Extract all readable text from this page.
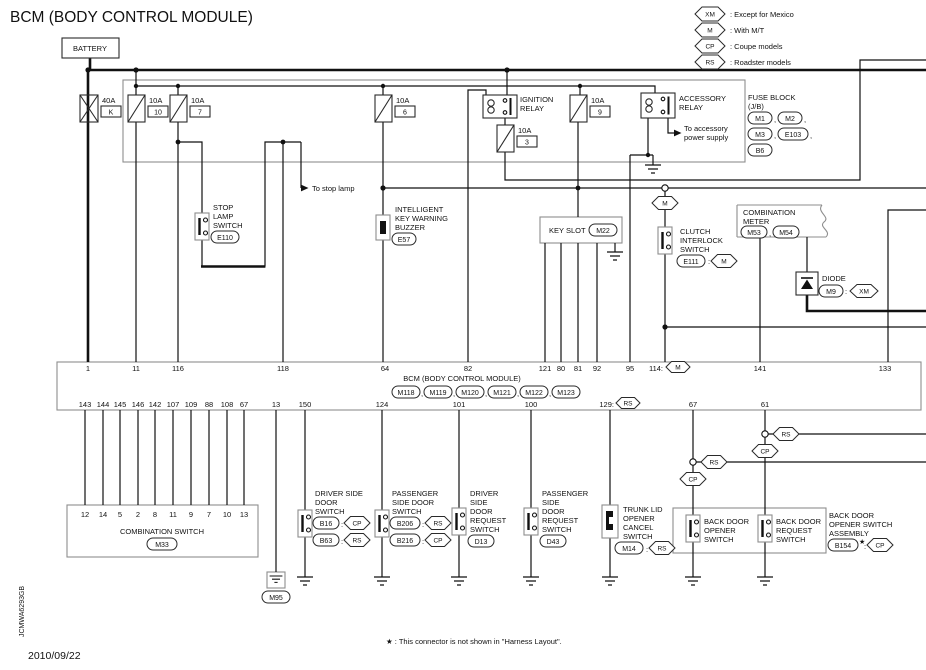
BCM (BODY CONTROL MODULE)	XM : Except for Mexico
M : With M/T
CP : Coupe models
RS : Roadster models
BATTERY
40A
K
10A
10
10A
7
10A
6
IGNITION
RELAY
10A
3
10A
9
ACCESSORY
RELAY
To accessory
power supply
FUSE BLOCK
(J/B)
M1 , M2 ,
M3 , E103 ,
B6
To stop lamp
STOP
LAMP
SWITCH
E110
INTELLIGENT
KEY WARNING
BUZZER
E57
KEY SLOT M22
M
CLUTCH
INTERLOCK
SWITCH
E111 : M
COMBINATION
METER
M53 , M54
DIODE
M9 : XM
BCM (BODY CONTROL MODULE)
M118 , M119 , M120 , M121 , M122 , M123
1	11	116	118	64	82	121 80 81 92	95 114: M	141	133
143 144 145 146 142 107 109 88 108 67	13 150	124	101	100	129: RS	67	61
12 14 5 2 8 11 9 7 10 13
COMBINATION SWITCH
M33
M95
DRIVER SIDE
DOOR
SWITCH
B16 : CP
B63 : RS
PASSENGER
SIDE DOOR
SWITCH
B206 : RS
B216 : CP
DRIVER
SIDE
DOOR
REQUEST
SWITCH
D13
PASSENGER
SIDE
DOOR
REQUEST
SWITCH
D43
TRUNK LID
OPENER
CANCEL
SWITCH
M14 : RS
CP
RS
CP
RS
BACK DOOR
OPENER
SWITCH
BACK DOOR
REQUEST
SWITCH
BACK DOOR
OPENER SWITCH
ASSEMBLY
B154
★
: CP
★ : This connector is not shown in "Harness Layout".
2010/09/22
JCMWA6293GB
